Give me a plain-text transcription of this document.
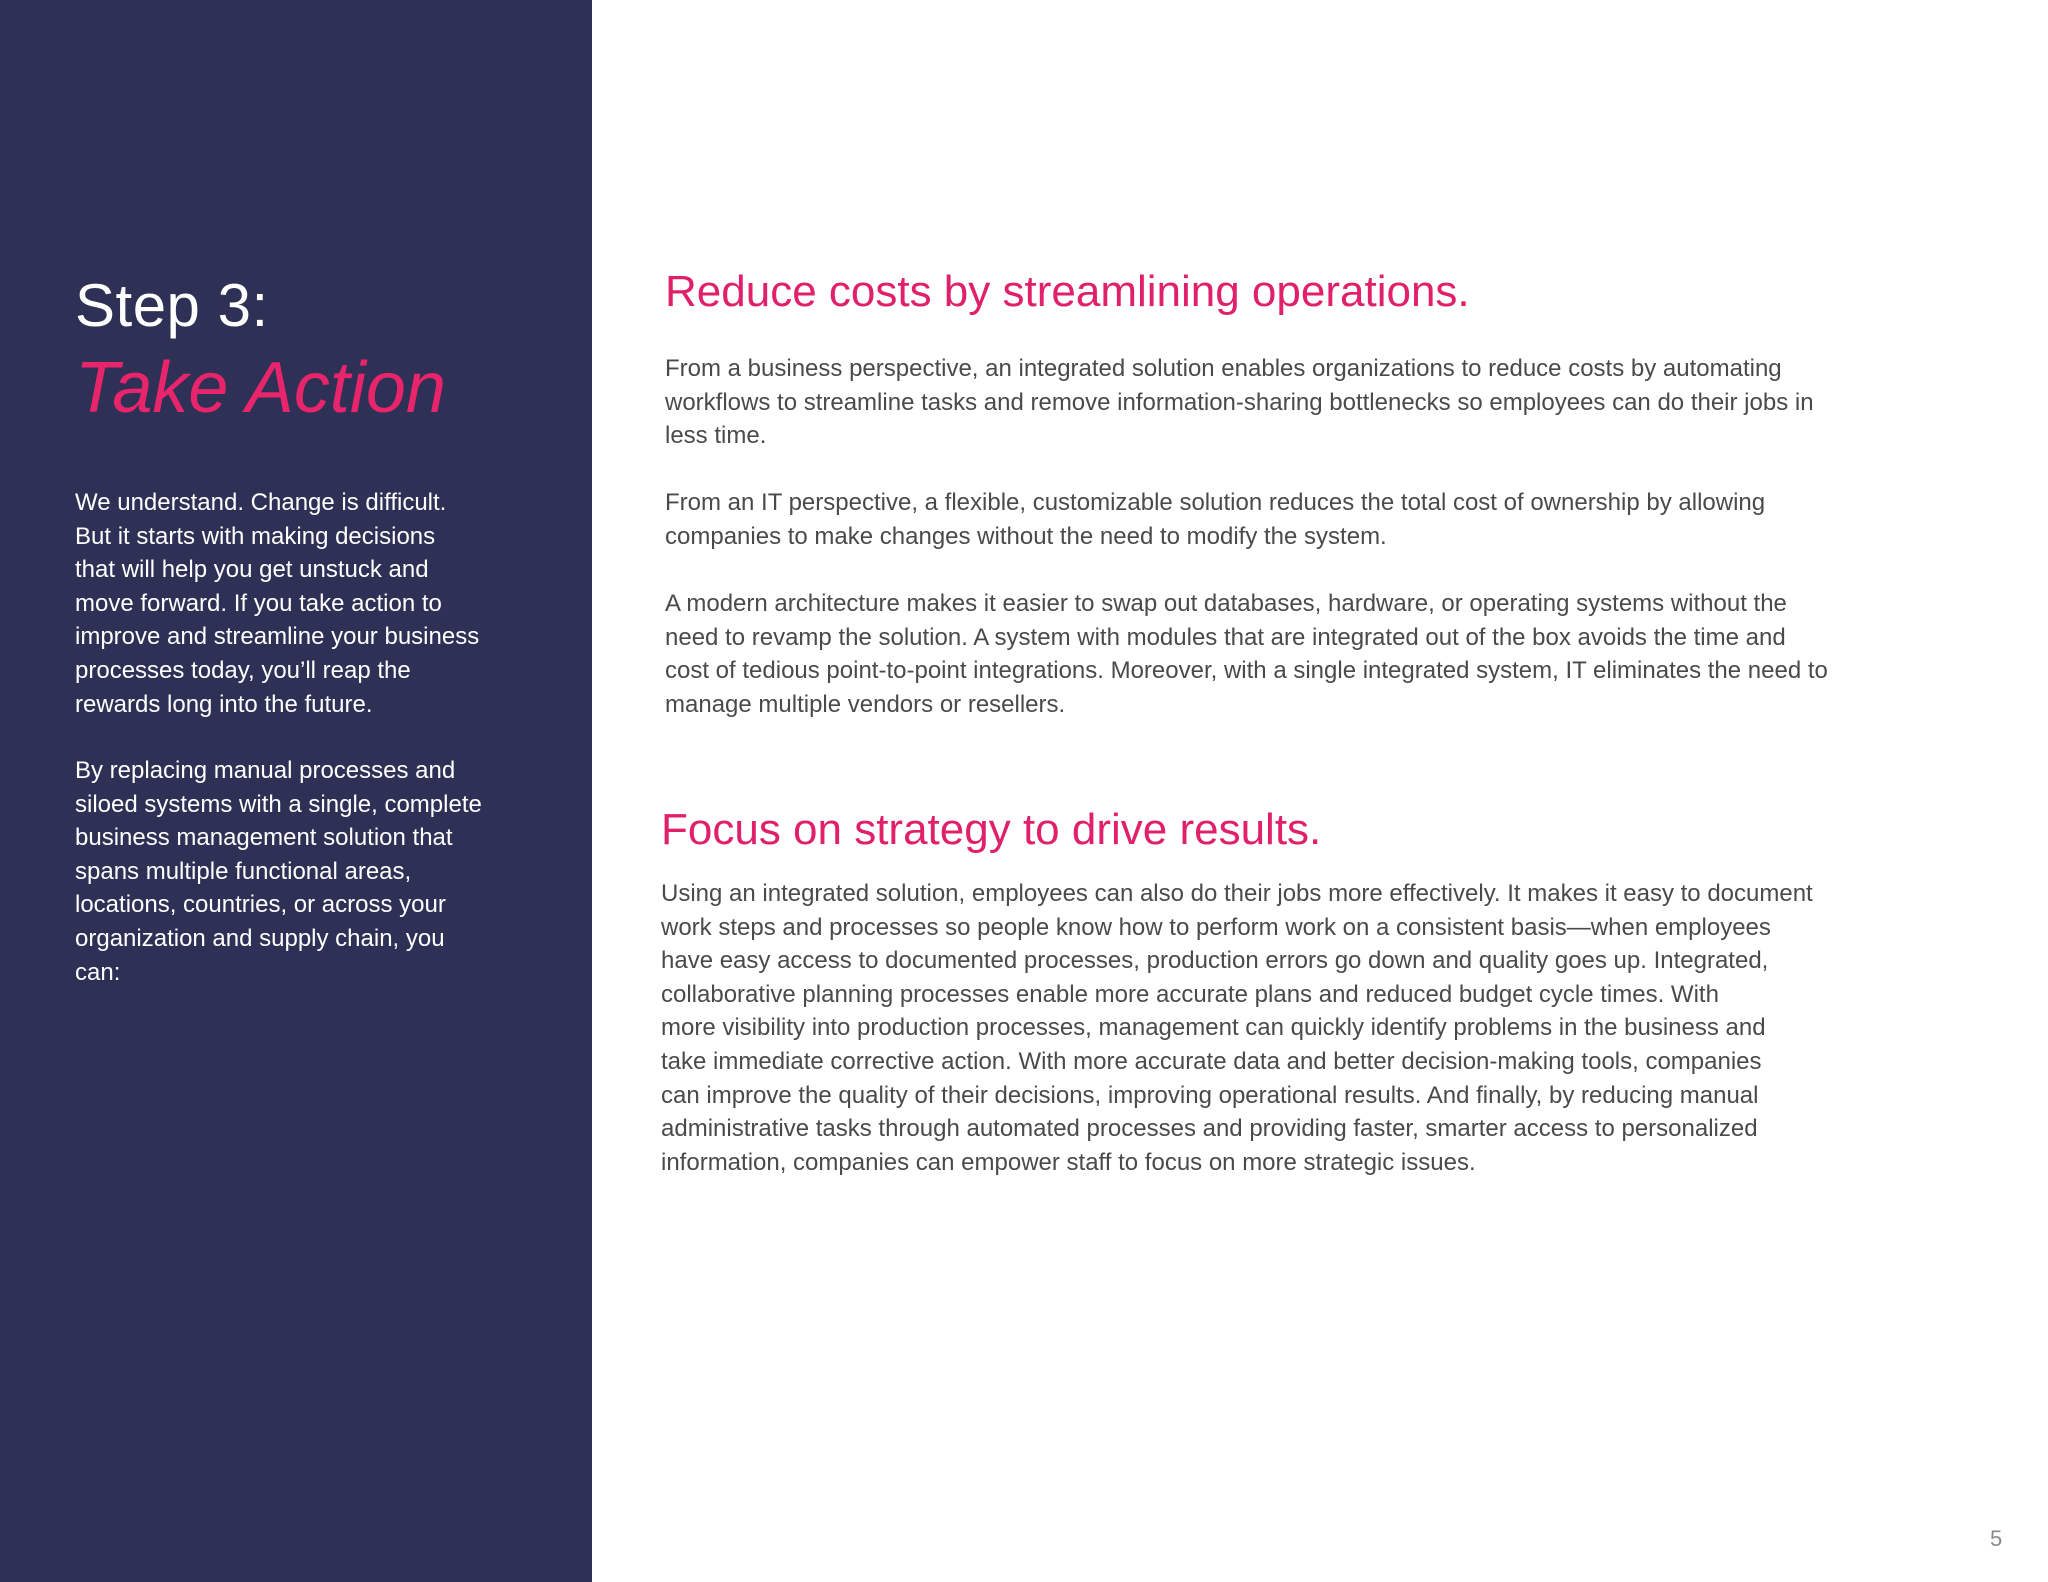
Step 3:
Take Action

We understand. Change is difficult.
But it starts with making decisions
that will help you get unstuck and
move forward. If you take action to
improve and streamline your business
processes today, you’ll reap the
rewards long into the future.

By replacing manual processes and
siloed systems with a single, complete
business management solution that
spans multiple functional areas,
locations, countries, or across your
organization and supply chain, you
can:

Reduce costs by streamlining operations.

From a business perspective, an integrated solution enables organizations to reduce costs by automating
workflows to streamline tasks and remove information-sharing bottlenecks so employees can do their jobs in
less time.

From an IT perspective, a flexible, customizable solution reduces the total cost of ownership by allowing
companies to make changes without the need to modify the system.

A modern architecture makes it easier to swap out databases, hardware, or operating systems without the
need to revamp the solution. A system with modules that are integrated out of the box avoids the time and
cost of tedious point-to-point integrations. Moreover, with a single integrated system, IT eliminates the need to
manage multiple vendors or resellers.

Focus on strategy to drive results.

Using an integrated solution, employees can also do their jobs more effectively. It makes it easy to document
work steps and processes so people know how to perform work on a consistent basis—when employees
have easy access to documented processes, production errors go down and quality goes up. Integrated,
collaborative planning processes enable more accurate plans and reduced budget cycle times. With
more visibility into production processes, management can quickly identify problems in the business and
take immediate corrective action. With more accurate data and better decision-making tools, companies
can improve the quality of their decisions, improving operational results. And finally, by reducing manual
administrative tasks through automated processes and providing faster, smarter access to personalized
information, companies can empower staff to focus on more strategic issues.

5
